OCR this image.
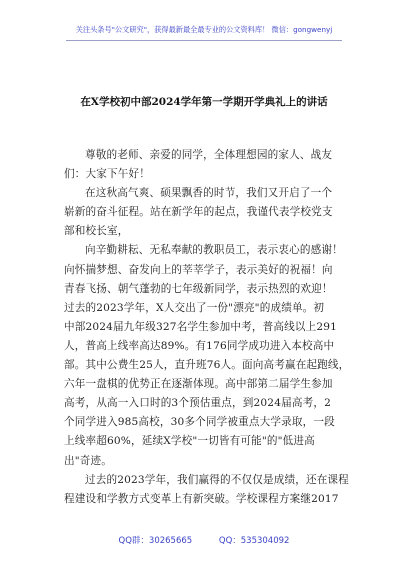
关注头条号"公文研究"，获得最新最全最专业的公文资料库！ 微信：gongwenyj
在X学校初中部2024学年第一学期开学典礼上的讲话
尊敬的老师、亲爱的同学，全体理想园的家人、战友
们：大家下午好！
在这秋高气爽、硕果飘香的时节，我们又开启了一个
崭新的奋斗征程。站在新学年的起点，我谨代表学校党支
部和校长室，
向辛勤耕耘、无私奉献的教职员工，表示衷心的感谢！
向怀揣梦想、奋发向上的莘莘学子，表示美好的祝福！向
青春飞扬、朝气蓬勃的七年级新同学，表示热烈的欢迎！
过去的2023学年，X人交出了一份"漂亮"的成绩单。初
中部2024届九年级327名学生参加中考，普高线以上291
人，普高上线率高达89%。有176同学成功进入本校高中
部。其中公费生25人，直升班76人。面向高考赢在起跑线，
六年一盘棋的优势正在逐渐体现。高中部第二届学生参加
高考，从高一入口时的3个预估重点，到2024届高考，2
个同学进入985高校，30多个同学被重点大学录取，一段
上线率超60%，延续X学校"一切皆有可能"的"低进高
出"奇迹。
过去的2023学年，我们赢得的不仅仅是成绩，还在课程
程建设和学教方式变革上有新突破。学校课程方案继2017
QQ群：30265665	QQ：535304092
